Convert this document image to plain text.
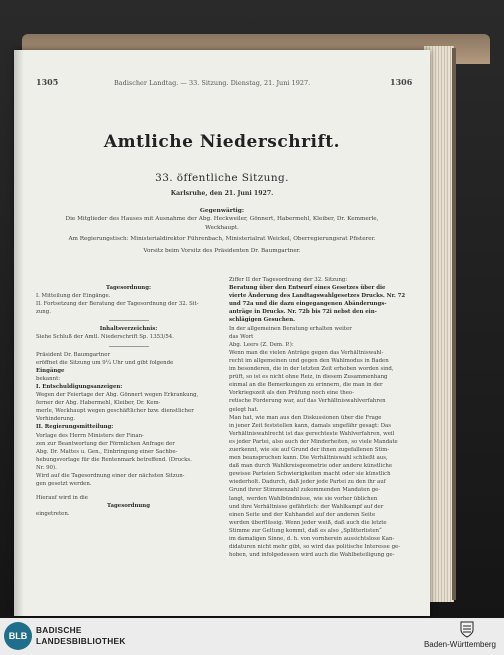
1305	Badischer Landtag. — 33. Sitzung. Dienstag, 21. Juni 1927.	1306
Amtliche Niederschrift.
33. öffentliche Sitzung.
Karlsruhe, den 21. Juni 1927.
Gegenwärtig:
Die Mitglieder des Hauses mit Ausnahme der Abg. Heckweiler, Gönnert, Habermehl, Kleiber, Dr. Kemmerle,
Weckhaupt.
Am Regierungstisch: Ministerialdirektor Führenbach, Ministerialrat Weickel, Oberregierungsrat Pfisterer.
Vorsitz beim Vorsitz des Präsidenten Dr. Baumgartner.
Tagesordnung:
I. Mitteilung der Eingänge.
II. Fortsetzung der Beratung der Tagesordnung der 32. Sit-
zung.
Inhaltsverzeichnis:
Siehe Schluß der Amtl. Niederschrift Sp. 1353/54.
Präsident Dr. Baumgartner
eröffnet die Sitzung um 9¼ Uhr und gibt folgende
Eingänge
bekannt:
I. Entschuldigungsanzeigen:
Wegen der Feiertage der Abg. Gönnert wegen Erkrankung,
ferner der Abg. Habermehl, Kleiber, Dr. Kem-
merle, Weckhaupt wegen geschäftlicher bzw. dienstlicher
Verhinderung.
II. Regierungsmitteilung:
Vorlage des Herrn Ministers der Finan-
zen zur Beantwortung der Förmlichen Anfrage der
Abg. Dr. Mattes u. Gen., Einbringung einer Sachbe-
hebungsvorlage für die Rentenmark betreffend. (Drucks.
Nr. 90).
Wird auf die Tagesordnung einer der nächsten Sitzun-
gen gesetzt werden.
Hierauf wird in die
Tagesordnung
eingetreten.
Ziffer II der Tagesordnung der 32. Sitzung:
Beratung über den Entwurf eines Gesetzes über die
vierte Änderung des Landtagswahlgesetzes Drucks. Nr. 72
und 72a und die dazu eingegangenen Abänderungs-
anträge in Drucks. Nr. 72b bis 72i nebst den ein-
schlägigen Gesuchen.
In der allgemeinen Beratung erhalten weiter
das Wort
Abg. Leers (Z. Dem. P.):
Wenn man die vielen Anträge gegen das Verhältniswahl-
recht im allgemeinen und gegen den Wahlmodus in Baden
im besonderen, die in der letzten Zeit erhoben worden sind,
prüft, so ist es nicht ohne Reiz, in diesem Zusammenhang
einmal an die Bemerkungen zu erinnern, die man in der
Vorkriegszeit als den Prüfung noch eine theo-
retische Forderung war, auf das Verhältniswahlverfahren
gelegt hat.
Man hat, wie man aus den Diskussionen über die Frage
in jener Zeit feststellen kann, damals ungefähr gesagt: Das
Verhältniswahlrecht ist das gerechteste Wahlverfahren, weil
es jeder Partei, also auch der Minderheiten, so viele Mandate
zuerkennt, wie sie auf Grund der ihnen zugefallenen Stim-
men beanspruchen kann. Die Verhältniswahl schließt aus,
daß man durch Wahlkreisgeometrie oder andere künstliche
gewisse Parteien Schwierigkeiten macht oder sie künstlich
wiederholt. Dadurch, daß jeder jede Partei zu den ihr auf
Grund ihrer Stimmenzahl zukommenden Mandaten ge-
langt, werden Wahlbündnisse, wie sie vorher üblichen
und ihre Verhältnisse gefährlich: der Wahlkampf auf der
einen Seite und der Kuhhandel auf der anderen Seite
werden überflüssig. Wenn jeder weiß, daß auch die letzte
Stimme zur Geltung kommt, daß es also „Splitterlisten“
im damaligen Sinne, d. h. von vornherein aussichtslose Kan-
didaturen nicht mehr gibt, so wird das politische Interesse ge-
hoben, und infolgedessen wird auch die Wahlbeteiligung ge-
BLB
BADISCHE
LANDESBIBLIOTHEK	Baden-Württemberg
